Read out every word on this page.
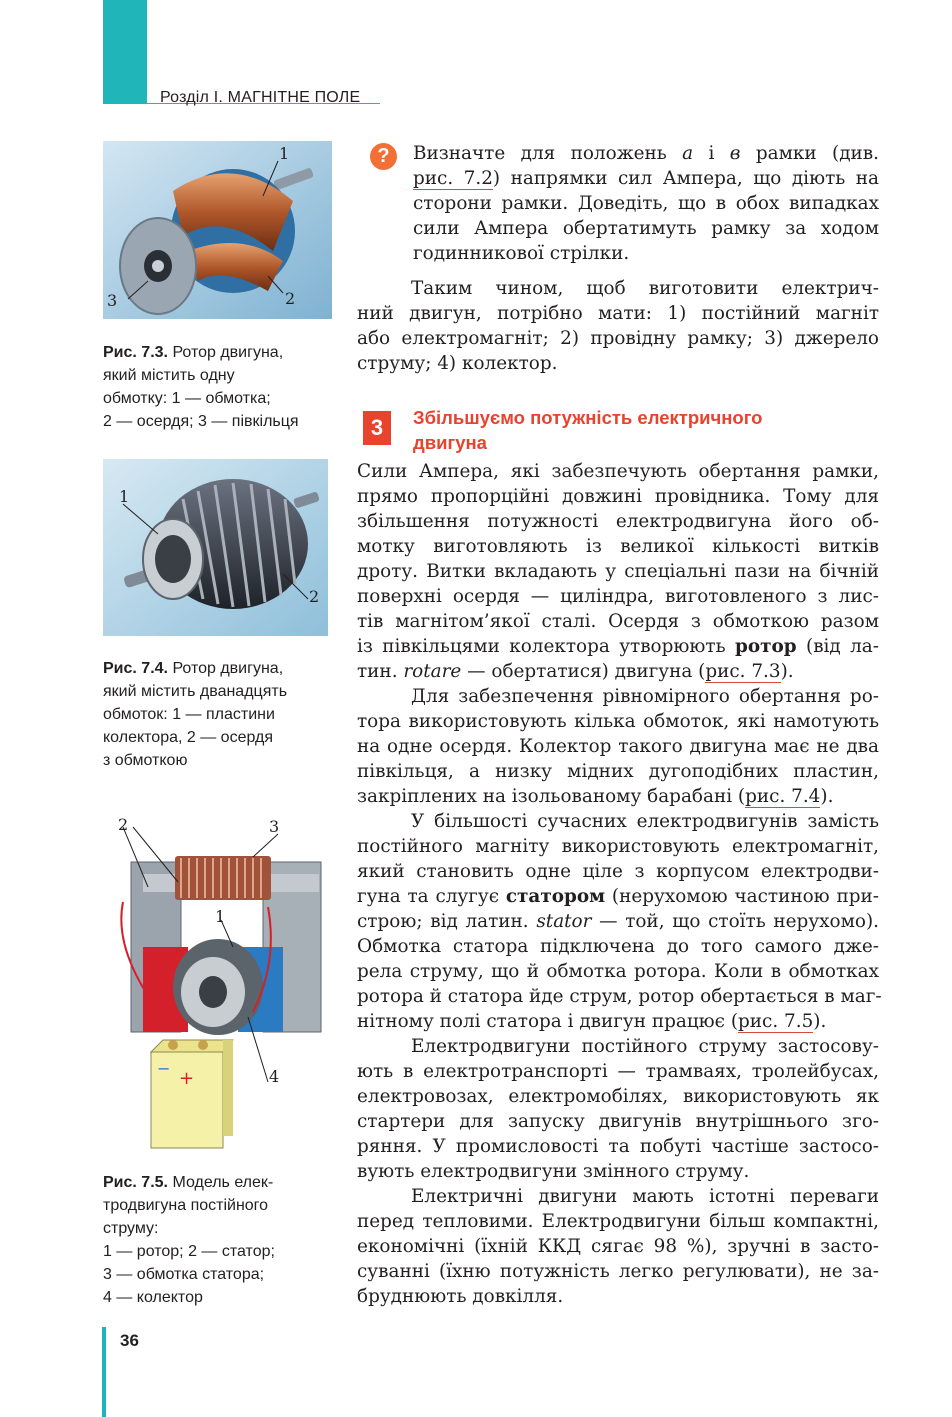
Розділ І. МАГНІТНЕ ПОЛЕ
1
2
3
Рис. 7.3. Ротор двигуна,
який містить одну
обмотку: 1 — обмотка;
2 — осердя; 3 — півкільця
1
2
Рис. 7.4. Ротор двигуна,
який містить дванадцять
обмоток: 1 — пластини
колектора, 2 — осердя
з обмоткою
− +
1
2	3
4
Рис. 7.5. Модель елек-
тродвигуна постійного
струму:
1 — ротор; 2 — статор;
3 — обмотка статора;
4 — колектор
?	Визначте для положень а і в рамки (див.
рис. 7.2) напрямки сил Ампера, що діють на
сторони рамки. Доведіть, що в обох випадках
сили Ампера обертатимуть рамку за ходом
годинникової стрілки.
Таким чином, щоб виготовити електрич-
ний двигун, потрібно мати: 1) постійний магніт
або електромагніт; 2) провідну рамку; 3) джерело
струму; 4) колектор.
3	Збільшуємо потужність електричного
двигуна
Сили Ампера, які забезпечують обертання рамки,
прямо пропорційні довжині провідника. Тому для
збільшення потужності електродвигуна його об-
мотку виготовляють із великої кількості витків
дроту. Витки вкладають у спеціальні пази на бічній
поверхні осердя — циліндра, виготовленого з лис-
тів магнітом’якої сталі. Осердя з обмоткою разом
із півкільцями колектора утворюють ротор (від ла-
тин. rotare — обертатися) двигуна (рис. 7.3).
Для забезпечення рівномірного обертання ро-
тора використовують кілька обмоток, які намотують
на одне осердя. Колектор такого двигуна має не два
півкільця, а низку мідних дугоподібних пластин,
закріплених на ізольованому барабані (рис. 7.4).
У більшості сучасних електродвигунів замість
постійного магніту використовують електромагніт,
який становить одне ціле з корпусом електродви-
гуна та слугує статором (нерухомою частиною при-
строю; від латин. stator — той, що стоїть нерухомо).
Обмотка статора підключена до того самого дже-
рела струму, що й обмотка ротора. Коли в обмотках
ротора й статора йде струм, ротор обертається в маг-
нітному полі статора і двигун працює (рис. 7.5).
Електродвигуни постійного струму застосову-
ють в електротранспорті — трамваях, тролейбусах,
електровозах, електромобілях, використовують як
стартери для запуску двигунів внутрішнього зго-
ряння. У промисловості та побуті частіше застосо-
вують електродвигуни змінного струму.
Електричні двигуни мають істотні переваги
перед тепловими. Електродвигуни більш компактні,
економічні (їхній ККД сягає 98 %), зручні в засто-
суванні (їхню потужність легко регулювати), не за-
бруднюють довкілля.
36
